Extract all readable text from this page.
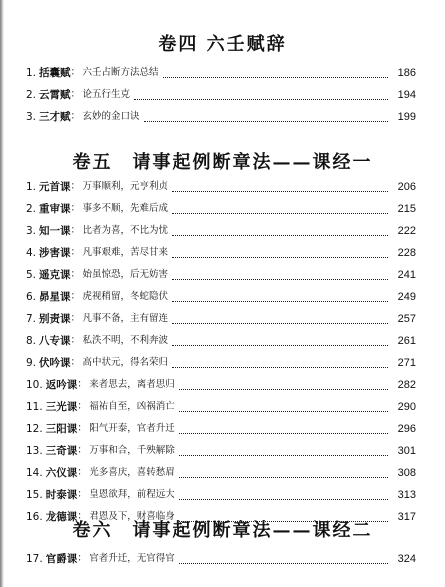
卷四 六壬赋辞
1. 括囊赋 ： 六壬占断方法总结	186
2. 云霄赋 ： 论五行生克	194
3. 三才赋 ： 玄妙的金口诀	199
卷五　请事起例断章法——课经一
1. 元首课 ： 万事顺利，元亨利贞	206
2. 重审课 ： 事多不顺，先难后成	215
3. 知一课 ： 比者为喜，不比为忧	222
4. 涉害课 ： 凡事艰难，苦尽甘来	228
5. 遥克课 ： 始虽惊恐，后无妨害	241
6. 昴星课 ： 虎视稍留，冬蛇隐伏	249
7. 别责课 ： 凡事不备，主有留连	257
8. 八专课 ： 私泆不明，不利奔波	261
9. 伏吟课 ： 高中状元，得名荣归	271
10. 返吟课 ： 来者思去，离者思归	282
11. 三光课 ： 福祐自至，凶祸消亡	290
12. 三阳课 ： 阳气开泰，官者升迁	296
13. 三奇课 ： 万事和合，千殃解除	301
14. 六仪课 ： 光多喜庆，喜转愁眉	308
15. 时泰课 ： 皇恩欲拜，前程远大	313
16. 龙德课 ： 君恩及下，财喜临身	317
卷六　请事起例断章法——课经二
17. 官爵课 ： 官者升迁，无官得官	324
